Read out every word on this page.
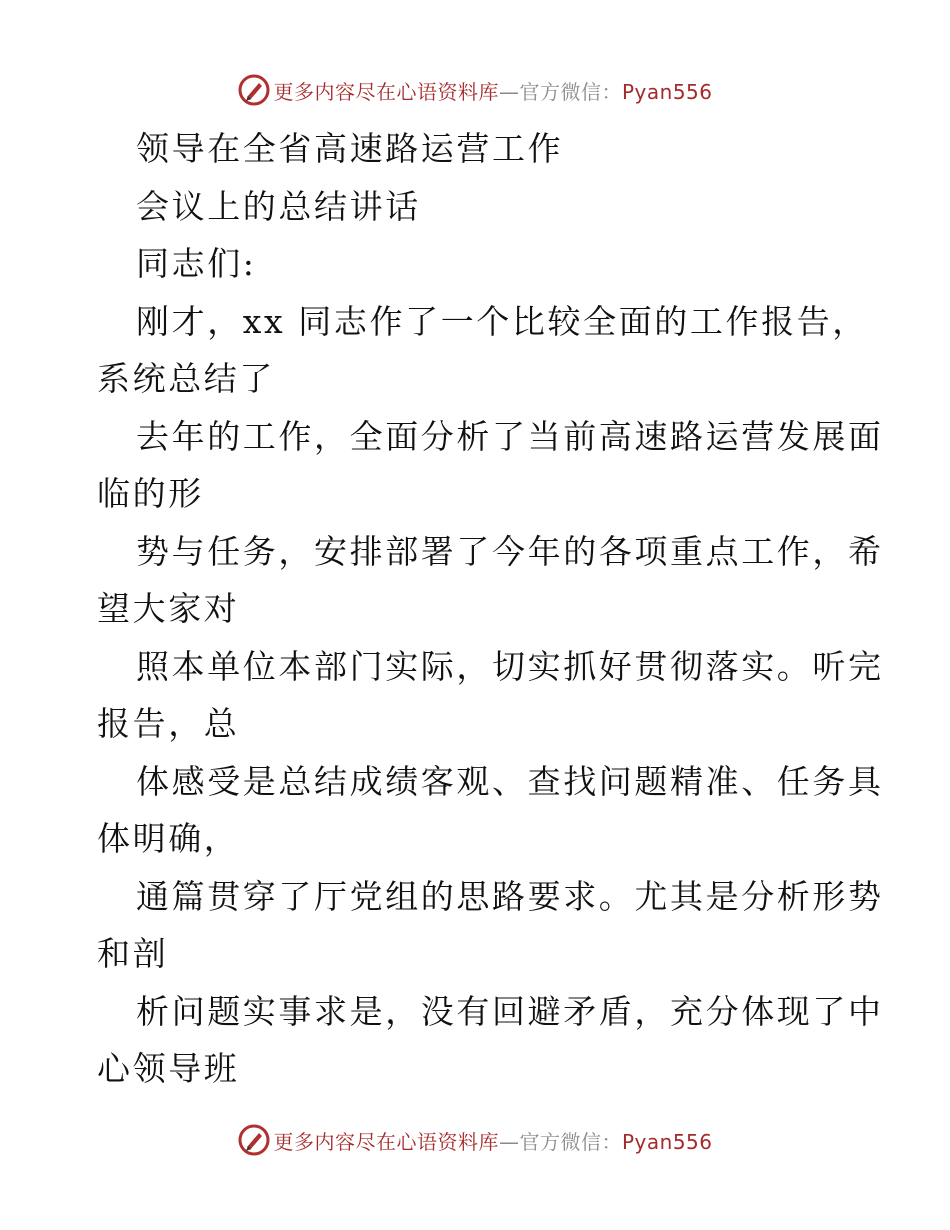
更多内容尽在心语资料库—官方微信：Pyan556
领导在全省高速路运营工作
会议上的总结讲话
同志们:
刚才，xx 同志作了一个比较全面的工作报告，
系统总结了
去年的工作，全面分析了当前高速路运营发展面
临的形
势与任务，安排部署了今年的各项重点工作，希
望大家对
照本单位本部门实际，切实抓好贯彻落实。听完
报告，总
体感受是总结成绩客观、查找问题精准、任务具
体明确，
通篇贯穿了厅党组的思路要求。尤其是分析形势
和剖
析问题实事求是，没有回避矛盾，充分体现了中
心领导班
更多内容尽在心语资料库—官方微信：Pyan556
